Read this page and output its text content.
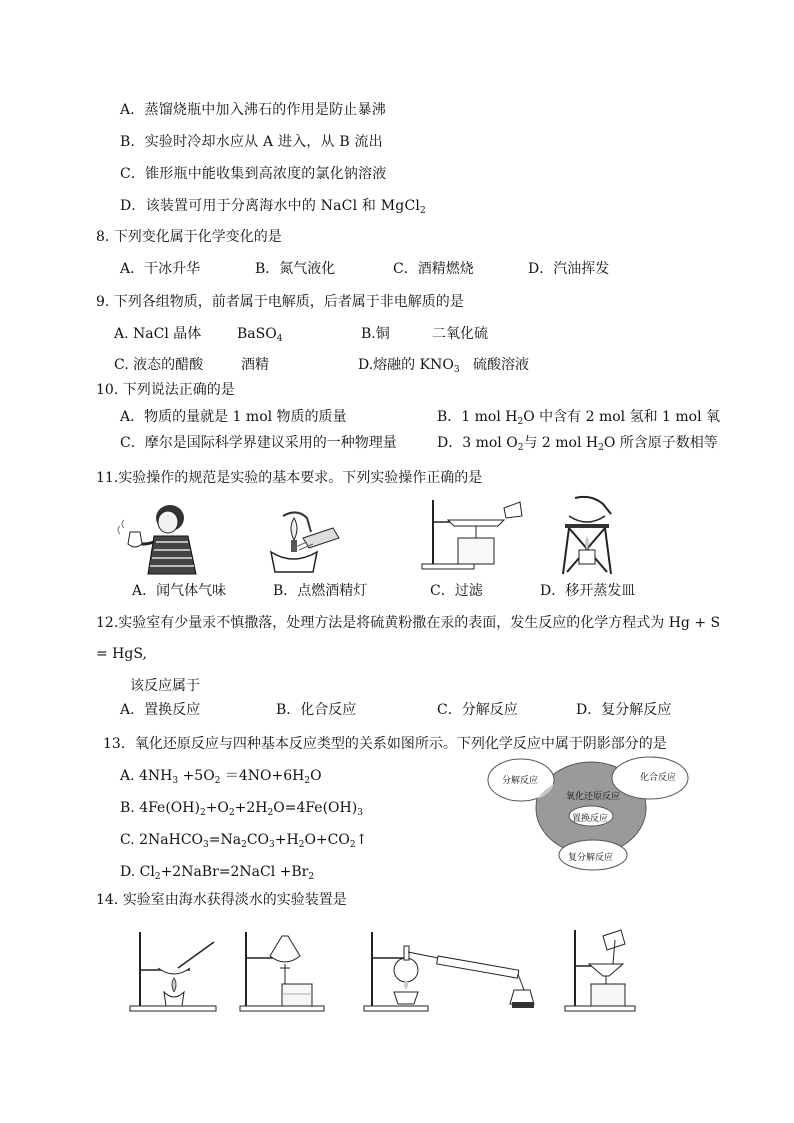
A．蒸馏烧瓶中加入沸石的作用是防止暴沸
B．实验时冷却水应从 A 进入，从 B 流出
C．锥形瓶中能收集到高浓度的氯化钠溶液
D．该装置可用于分离海水中的 NaCl 和 MgCl$_2$
8. 下列变化属于化学变化的是
A．干冰升华	B．氮气液化	C．酒精燃烧	D．汽油挥发
9. 下列各组物质，前者属于电解质，后者属于非电解质的是
A. NaCl 晶体	BaSO$_4$	B.铜	二氧化硫
C. 液态的醋酸	酒精	D.熔融的 $KNO_3$ 硫酸溶液
10. 下列说法正确的是
A．物质的量就是 1 mol 物质的质量	B．1 mol $H_2O$ 中含有 2 mol 氢和 1 mol 氧
C．摩尔是国际科学界建议采用的一种物理量	D．3 mol $O_2$与 2 mol $H_2O$ 所含原子数相等
11.实验操作的规范是实验的基本要求。下列实验操作正确的是
A．闻气体气味	B．点燃酒精灯	C．过滤	D．移开蒸发皿
12.实验室有少量汞不慎撒落，处理方法是将硫黄粉撒在汞的表面，发生反应的化学方程式为 Hg + S
= HgS,
该反应属于
A．置换反应	B．化合反应	C．分解反应	D．复分解反应
13．氧化还原反应与四种基本反应类型的关系如图所示。下列化学反应中属于阴影部分的是
A. $4NH_3 +5O_2 =4NO+6H_2O$
B. $4Fe(OH)_2+O_2+2H_2O=4Fe(OH)_3$
C. $2NaHCO_3=Na_2CO_3+H_2O+CO_2↑$
D. $Cl_2+2NaBr=2NaCl +Br_2$
分解反应	化合反应
氧化还原反应
置换反应
复分解反应
14. 实验室由海水获得淡水的实验装置是
